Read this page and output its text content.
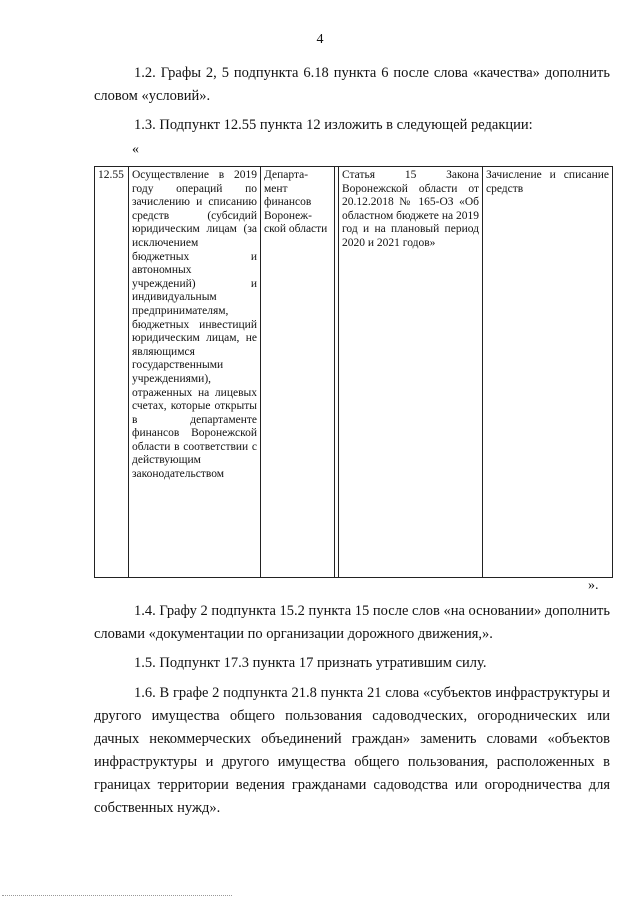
4
1.2. Графы 2, 5 подпункта 6.18 пункта 6 после слова «качества» дополнить словом «условий».
1.3. Подпункт 12.55 пункта 12 изложить в следующей редакции:
«
12.55	Осуществление в 2019 году операций по зачислению и списанию средств (субсидий юридическим лицам (за исключением бюджетных и автономных учреждений) и индивидуальным предпринимателям, бюджетных инвестиций юридическим лицам, не являющимся государственными учреждениями), отраженных на лицевых счетах, которые открыты в департаменте финансов Воронежской области в соответствии с действующим законодательством	Департа-мент финансов Воронеж-ской области		Статья 15 Закона Воронежской области от 20.12.2018 № 165-ОЗ «Об областном бюджете на 2019 год и на плановый период 2020 и 2021 годов»	Зачисление и списание средств
».
1.4. Графу 2 подпункта 15.2 пункта 15 после слов «на основании» дополнить словами «документации по организации дорожного движения,».
1.5. Подпункт 17.3 пункта 17 признать утратившим силу.
1.6. В графе 2 подпункта 21.8 пункта 21 слова «субъектов инфраструктуры и другого имущества общего пользования садоводческих, огороднических или дачных некоммерческих объединений граждан» заменить словами «объектов инфраструктуры и другого имущества общего пользования, расположенных в границах территории ведения гражданами садоводства или огородничества для собственных нужд».
